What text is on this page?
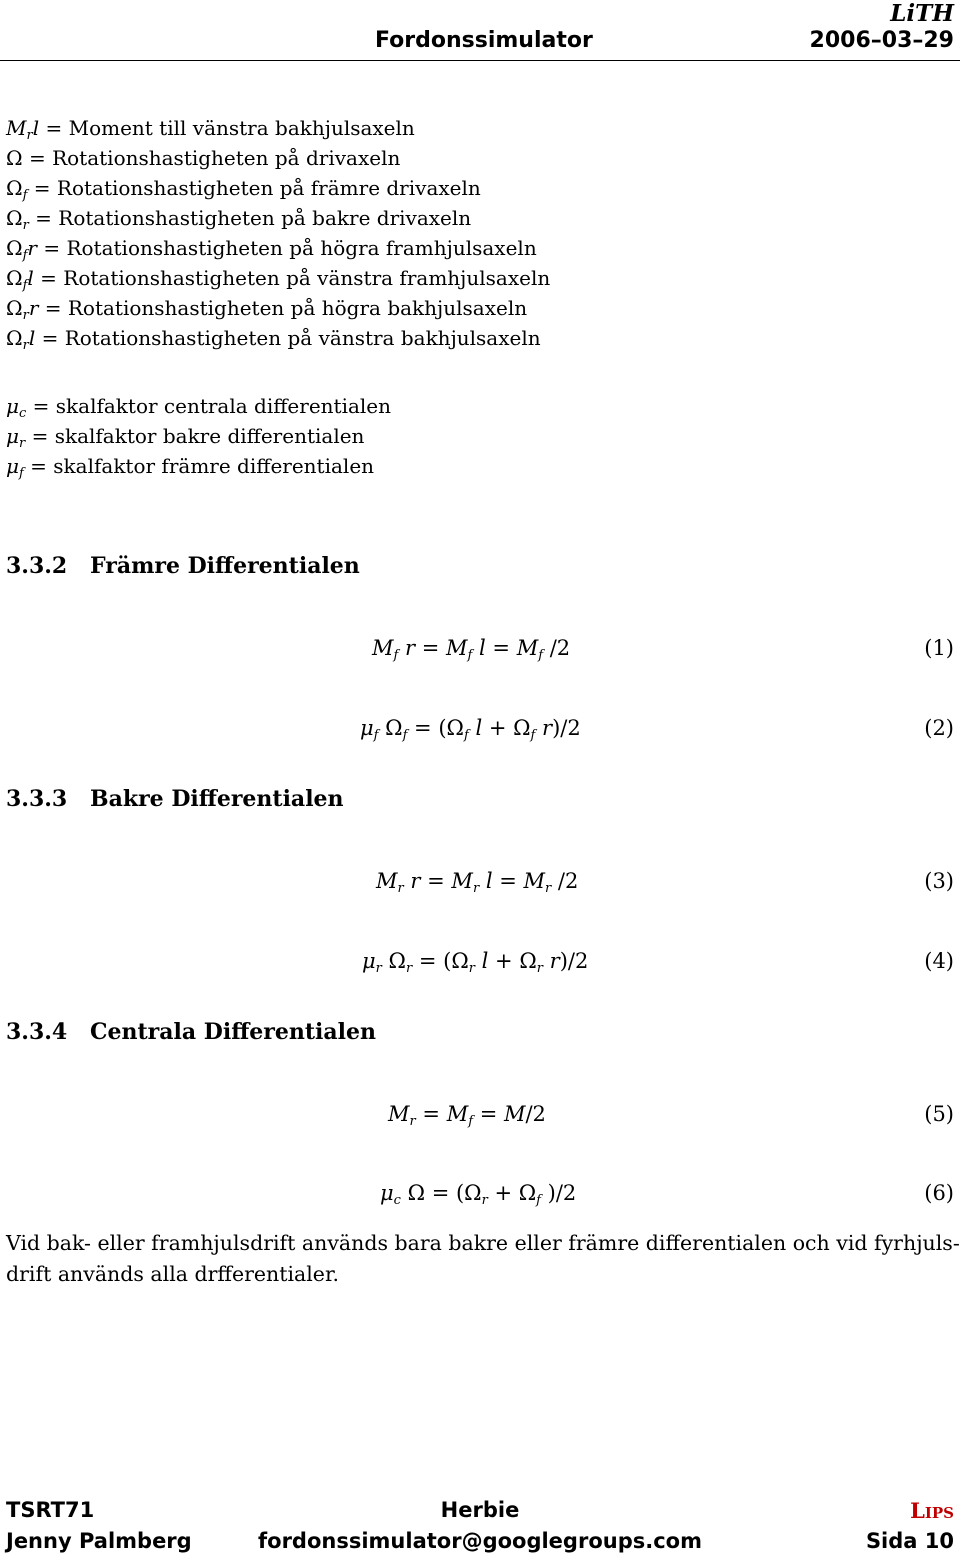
LiTH
Fordonssimulator	2006–03–29
$M_rl$ = Moment till vänstra bakhjulsaxeln
Ω = Rotationshastigheten på drivaxeln
$\Omega_f$ = Rotationshastigheten på främre drivaxeln
$\Omega_r$ = Rotationshastigheten på bakre drivaxeln
$\Omega_fr$ = Rotationshastigheten på högra framhjulsaxeln
$\Omega_fl$ = Rotationshastigheten på vänstra framhjulsaxeln
$\Omega_rr$ = Rotationshastigheten på högra bakhjulsaxeln
$\Omega_rl$ = Rotationshastigheten på vänstra bakhjulsaxeln
$\mu_c$ = skalfaktor centrala differentialen
$\mu_r$ = skalfaktor bakre differentialen
$\mu_f$ = skalfaktor främre differentialen
3.3.2 Främre Differentialen
$M_f$ $r = M_f$ $l = M_f$ /2	(1)
$\mu_f$ $\Omega_f = (\Omega_f$ $l + \Omega_f$ r)/2	(2)
3.3.3 Bakre Differentialen
$M_r$ $r = M_r$ $l = M_r$ /2	(3)
$\mu_r$ $\Omega_r = (\Omega_r$ $l + \Omega_r$ r)/2	(4)
3.3.4 Centrala Differentialen
$M_r = M_f = M/2$	(5)
$\mu_c$ $\Omega = (\Omega_r + \Omega_f$ )/2	(6)
Vid bak- eller framhjulsdrift används bara bakre eller främre differentialen och vid fyrhjuls-
drift används alla drfferentialer.
TSRT71	Herbie	Lips
Jenny Palmberg	fordonssimulator@googlegroups.com	Sida 10
